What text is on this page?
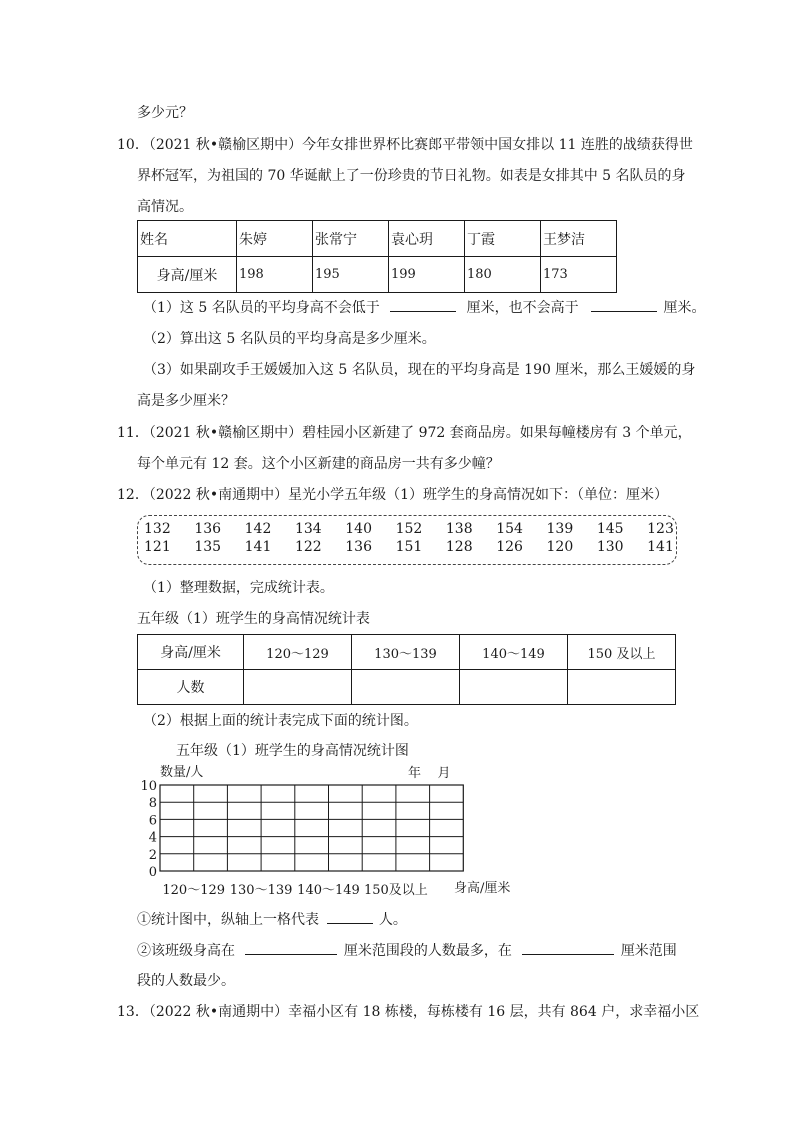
多少元？
10．（2021 秋•赣榆区期中）今年女排世界杯比赛郎平带领中国女排以 11 连胜的战绩获得世
界杯冠军，为祖国的 70 华诞献上了一份珍贵的节日礼物。如表是女排其中 5 名队员的身
高情况。
姓名	朱婷	张常宁	袁心玥	丁霞	王梦洁
身高/厘米	198	195	199	180	173
（1）这 5 名队员的平均身高不会低于	厘米，也不会高于	厘米。
（2）算出这 5 名队员的平均身高是多少厘米。
（3）如果副攻手王媛媛加入这 5 名队员，现在的平均身高是 190 厘米，那么王媛媛的身
高是多少厘米？
11．（2021 秋•赣榆区期中）碧桂园小区新建了 972 套商品房。如果每幢楼房有 3 个单元，
每个单元有 12 套。这个小区新建的商品房一共有多少幢？
12．（2022 秋•南通期中）星光小学五年级（1）班学生的身高情况如下：（单位：厘米）
132 136 142 134 140 152 138 154 139 145 123
121 135 141 122 136 151 128 126 120 130 141
（1）整理数据，完成统计表。
五年级（1）班学生的身高情况统计表
身高/厘米	120～129	130～139	140～149	150 及以上
人数				
（2）根据上面的统计表完成下面的统计图。
五年级（1）班学生的身高情况统计图
数量/人	年    月
0
2
4
6
8
10
120～129 130～139 140～149 150及以上 身高/厘米
①统计图中，纵轴上一格代表	人。
②该班级身高在	厘米范围段的人数最多，在	厘米范围
段的人数最少。
13．（2022 秋•南通期中）幸福小区有 18 栋楼，每栋楼有 16 层，共有 864 户，求幸福小区
